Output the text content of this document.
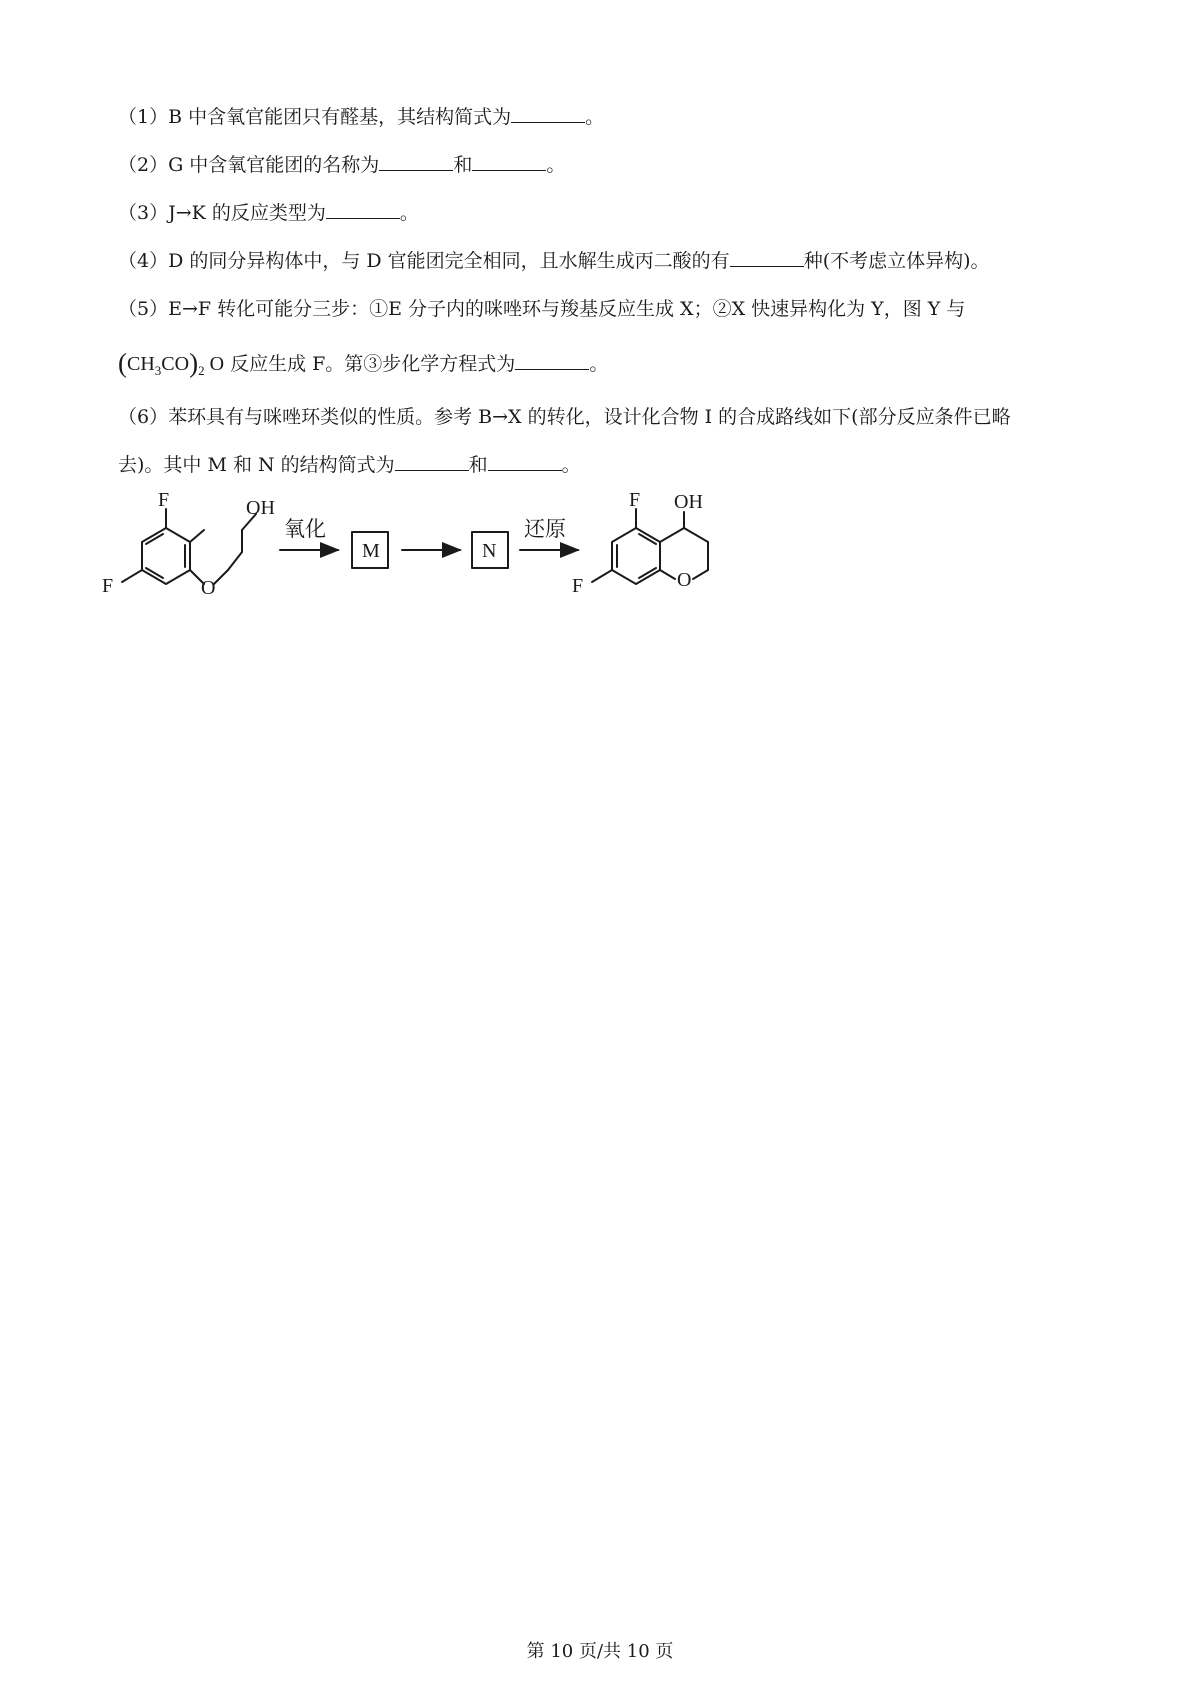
（1）B 中含氧官能团只有醛基，其结构简式为	。
（2）G 中含氧官能团的名称为	和	。
（3）J→K 的反应类型为	。
（4）D 的同分异构体中，与 D 官能团完全相同，且水解生成丙二酸的有	种(不考虑立体异构)。
（5）E→F 转化可能分三步：①E 分子内的咪唑环与羧基反应生成 X；②X 快速异构化为 Y，图 Y 与
$(CH_3CO)_2$ O 反应生成 F。第③步化学方程式为	。
（6）苯环具有与咪唑环类似的性质。参考 B→X 的转化，设计化合物 I 的合成路线如下(部分反应条件已略
去)。其中 M 和 N 的结构简式为	和	。
F
F
OH
O
氧化
M	N
还原
F
F
OH
O
第 10 页/共 10 页
